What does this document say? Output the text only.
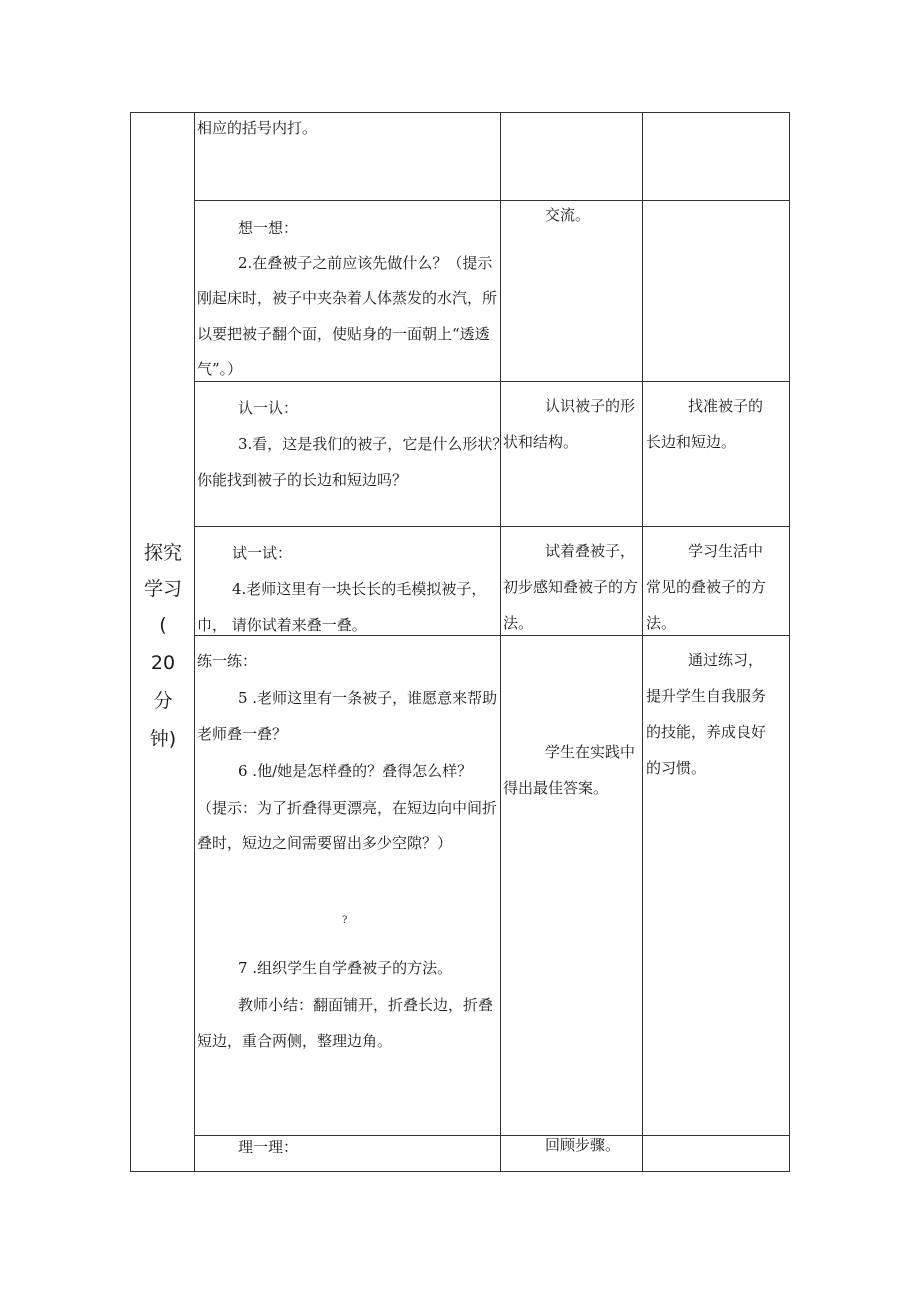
探究
学习
(
20
分
钟)
相应的括号内打。
想一想：
2.在叠被子之前应该先做什么？（提示
刚起床时，被子中夹杂着人体蒸发的水汽，所
以要把被子翻个面，使贴身的一面朝上“透透
气”。）
交流。
认一认：
3.看，这是我们的被子，它是什么形状？
你能找到被子的长边和短边吗？
认识被子的形
状和结构。
找准被子的
长边和短边。
试一试：
4.老师这里有一块长长的毛模拟被子，
巾， 请你试着来叠一叠。
试着叠被子，
初步感知叠被子的方
法。
学习生活中
常见的叠被子的方
法。
练一练：
5 .老师这里有一条被子，谁愿意来帮助
老师叠一叠？
6 .他/她是怎样叠的？叠得怎么样？
（提示：为了折叠得更漂亮，在短边向中间折
叠时，短边之间需要留出多少空隙？）
?
7 .组织学生自学叠被子的方法。
教师小结：翻面铺开，折叠长边，折叠
短边，重合两侧，整理边角。
学生在实践中
得出最佳答案。
通过练习，
提升学生自我服务
的技能，养成良好
的习惯。
理一理：	回顾步骤。
